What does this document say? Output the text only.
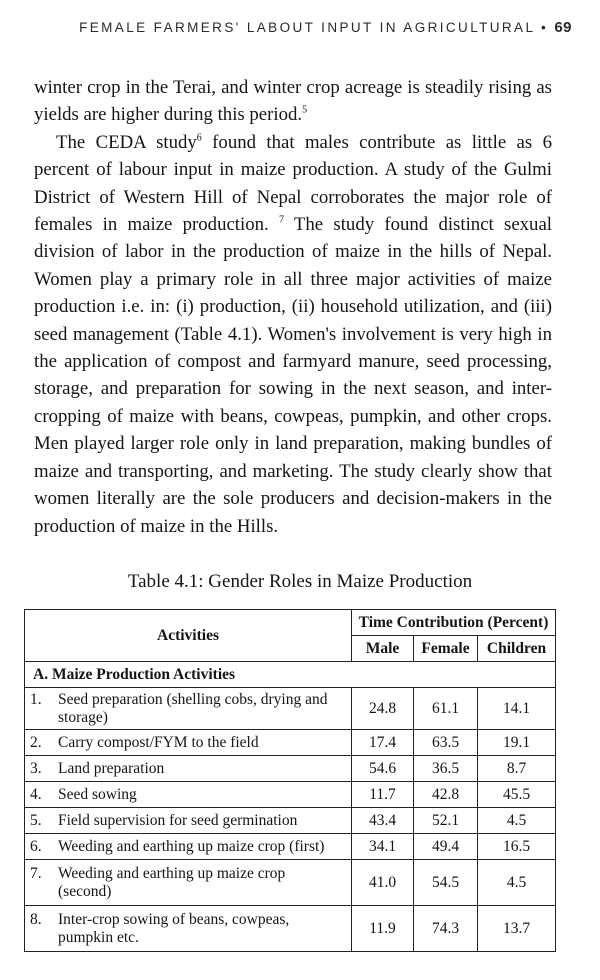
FEMALE FARMERS' LABOUT INPUT IN AGRICULTURAL • 69

winter crop in the Terai, and winter crop acreage is steadily rising as yields are higher during this period.$^5$

The CEDA study$^6$ found that males contribute as little as 6 percent of labour input in maize production. A study of the Gulmi District of Western Hill of Nepal corroborates the major role of females in maize production. $^7$ The study found distinct sexual division of labor in the production of maize in the hills of Nepal. Women play a primary role in all three major activities of maize production i.e. in: (i) production, (ii) household utilization, and (iii) seed management (Table 4.1). Women's involvement is very high in the application of compost and farmyard manure, seed processing, storage, and preparation for sowing in the next season, and inter-cropping of maize with beans, cowpeas, pumpkin, and other crops. Men played larger role only in land preparation, making bundles of maize and transporting, and marketing. The study clearly show that women literally are the sole producers and decision-makers in the production of maize in the Hills.

Table 4.1: Gender Roles in Maize Production
Activities	Time Contribution (Percent)		
	Male	Female	Children
A. Maize Production Activities			
1. Seed preparation (shelling cobs, drying and storage)	24.8	61.1	14.1
2. Carry compost/FYM to the field	17.4	63.5	19.1
3. Land preparation	54.6	36.5	8.7
4. Seed sowing	11.7	42.8	45.5
5. Field supervision for seed germination	43.4	52.1	4.5
6. Weeding and earthing up maize crop (first)	34.1	49.4	16.5
7. Weeding and earthing up maize crop (second)	41.0	54.5	4.5
8. Inter-crop sowing of beans, cowpeas, pumpkin etc.	11.9	74.3	13.7
